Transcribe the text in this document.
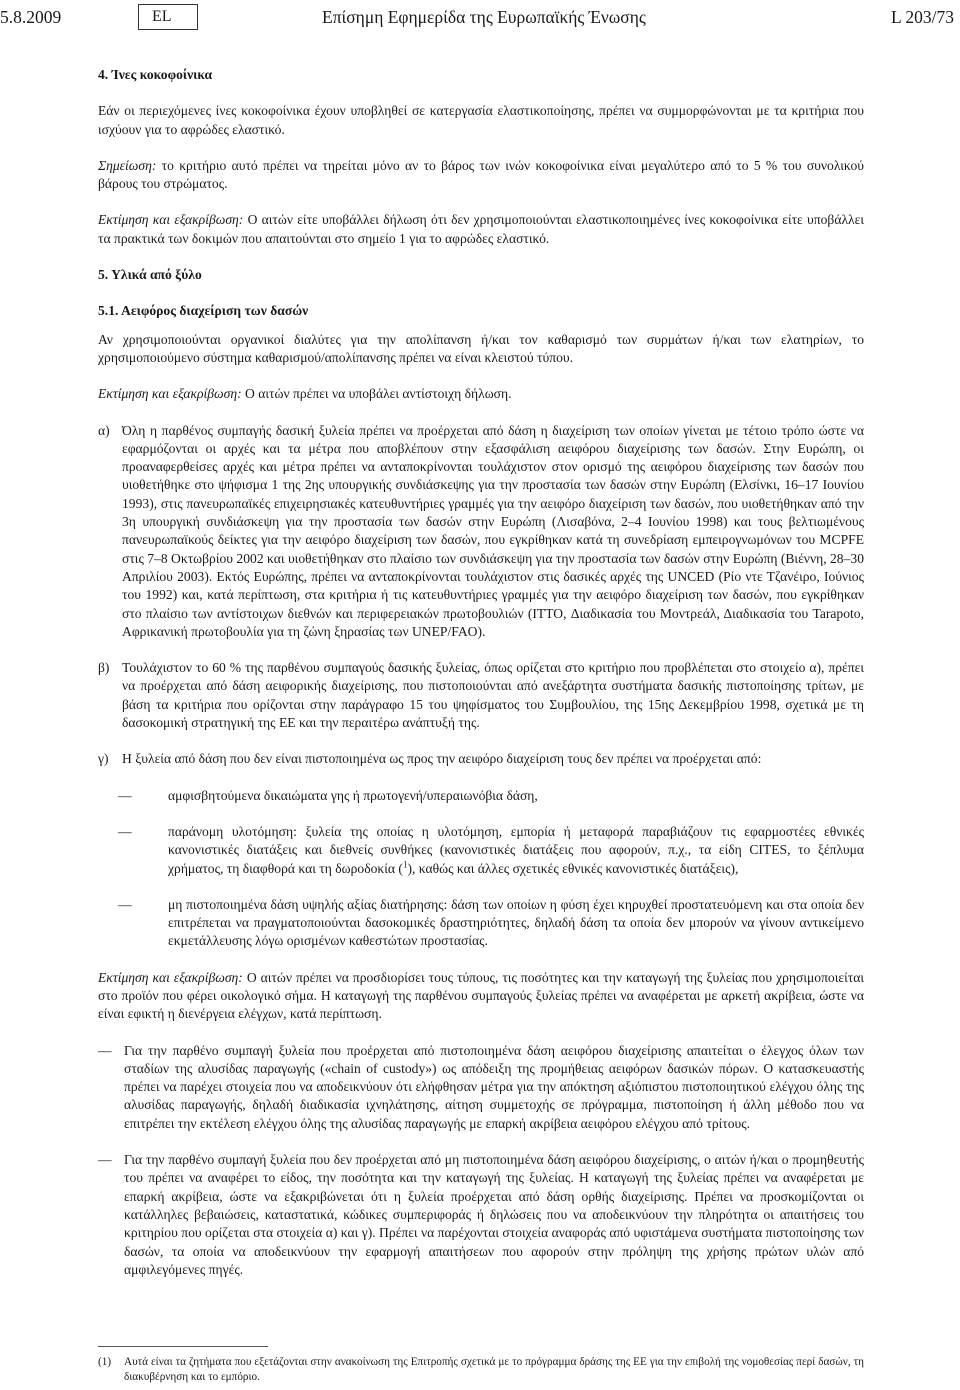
5.8.2009	EL	Επίσημη Εφημερίδα της Ευρωπαϊκής Ένωσης	L 203/73

4. Ίνες κοκοφοίνικα

Εάν οι περιεχόμενες ίνες κοκοφοίνικα έχουν υποβληθεί σε κατεργασία ελαστικοποίησης, πρέπει να συμμορφώνονται με τα κριτήρια που ισχύουν για το αφρώδες ελαστικό.

Σημείωση: το κριτήριο αυτό πρέπει να τηρείται μόνο αν το βάρος των ινών κοκοφοίνικα είναι μεγαλύτερο από το 5 % του συνολικού βάρους του στρώματος.

Εκτίμηση και εξακρίβωση: Ο αιτών είτε υποβάλλει δήλωση ότι δεν χρησιμοποιούνται ελαστικοποιημένες ίνες κοκοφοίνικα είτε υποβάλλει τα πρακτικά των δοκιμών που απαιτούνται στο σημείο 1 για το αφρώδες ελαστικό.

5. Υλικά από ξύλο

5.1. Αειφόρος διαχείριση των δασών

Αν χρησιμοποιούνται οργανικοί διαλύτες για την απολίπανση ή/και τον καθαρισμό των συρμάτων ή/και των ελατηρίων, το χρησιμοποιούμενο σύστημα καθαρισμού/απολίπανσης πρέπει να είναι κλειστού τύπου.

Εκτίμηση και εξακρίβωση: Ο αιτών πρέπει να υποβάλει αντίστοιχη δήλωση.

α) Όλη η παρθένος συμπαγής δασική ξυλεία πρέπει να προέρχεται από δάση η διαχείριση των οποίων γίνεται με τέτοιο τρόπο ώστε να εφαρμόζονται οι αρχές και τα μέτρα που αποβλέπουν στην εξασφάλιση αειφόρου διαχείρισης των δασών. Στην Ευρώπη, οι προαναφερθείσες αρχές και μέτρα πρέπει να ανταποκρίνονται τουλάχιστον στον ορισμό της αειφόρου διαχείρισης των δασών που υιοθετήθηκε στο ψήφισμα 1 της 2ης υπουργικής συνδιάσκεψης για την προστασία των δασών στην Ευρώπη (Ελσίνκι, 16–17 Ιουνίου 1993), στις πανευρωπαϊκές επιχειρησιακές κατευθυντήριες γραμμές για την αειφόρο διαχείριση των δασών, που υιοθετήθηκαν από την 3η υπουργική συνδιάσκεψη για την προστασία των δασών στην Ευρώπη (Λισαβόνα, 2–4 Ιουνίου 1998) και τους βελτιωμένους πανευρωπαϊκούς δείκτες για την αειφόρο διαχείριση των δασών, που εγκρίθηκαν κατά τη συνεδρίαση εμπειρογνωμόνων του MCPFE στις 7–8 Οκτωβρίου 2002 και υιοθετήθηκαν στο πλαίσιο των συνδιάσκεψη για την προστασία των δασών στην Ευρώπη (Βιέννη, 28–30 Απριλίου 2003). Εκτός Ευρώπης, πρέπει να ανταποκρίνονται τουλάχιστον στις δασικές αρχές της UNCED (Ρίο ντε Τζανέιρο, Ιούνιος του 1992) και, κατά περίπτωση, στα κριτήρια ή τις κατευθυντήριες γραμμές για την αειφόρο διαχείριση των δασών, που εγκρίθηκαν στο πλαίσιο των αντίστοιχων διεθνών και περιφερειακών πρωτοβουλιών (ITTO, Διαδικασία του Μοντρεάλ, Διαδικασία του Tarapoto, Αφρικανική πρωτοβουλία για τη ζώνη ξηρασίας των UNEP/FAO).

β) Τουλάχιστον το 60 % της παρθένου συμπαγούς δασικής ξυλείας, όπως ορίζεται στο κριτήριο που προβλέπεται στο στοιχείο α), πρέπει να προέρχεται από δάση αειφορικής διαχείρισης, που πιστοποιούνται από ανεξάρτητα συστήματα δασικής πιστοποίησης τρίτων, με βάση τα κριτήρια που ορίζονται στην παράγραφο 15 του ψηφίσματος του Συμβουλίου, της 15ης Δεκεμβρίου 1998, σχετικά με τη δασοκομική στρατηγική της ΕΕ και την περαιτέρω ανάπτυξή της.

γ) Η ξυλεία από δάση που δεν είναι πιστοποιημένα ως προς την αειφόρο διαχείριση τους δεν πρέπει να προέρχεται από:

—	αμφισβητούμενα δικαιώματα γης ή πρωτογενή/υπεραιωνόβια δάση,

—	παράνομη υλοτόμηση: ξυλεία της οποίας η υλοτόμηση, εμπορία ή μεταφορά παραβιάζουν τις εφαρμοστέες εθνικές κανονιστικές διατάξεις και διεθνείς συνθήκες (κανονιστικές διατάξεις που αφορούν, π.χ., τα είδη CITES, το ξέπλυμα χρήματος, τη διαφθορά και τη δωροδοκία ($^1$), καθώς και άλλες σχετικές εθνικές κανονιστικές διατάξεις),

—	μη πιστοποιημένα δάση υψηλής αξίας διατήρησης: δάση των οποίων η φύση έχει κηρυχθεί προστατευόμενη και στα οποία δεν επιτρέπεται να πραγματοποιούνται δασοκομικές δραστηριότητες, δηλαδή δάση τα οποία δεν μπορούν να γίνουν αντικείμενο εκμετάλλευσης λόγω ορισμένων καθεστώτων προστασίας.

Εκτίμηση και εξακρίβωση: Ο αιτών πρέπει να προσδιορίσει τους τύπους, τις ποσότητες και την καταγωγή της ξυλείας που χρησιμοποιείται στο προϊόν που φέρει οικολογικό σήμα. Η καταγωγή της παρθένου συμπαγούς ξυλείας πρέπει να αναφέρεται με αρκετή ακρίβεια, ώστε να είναι εφικτή η διενέργεια ελέγχων, κατά περίπτωση.

— Για την παρθένο συμπαγή ξυλεία που προέρχεται από πιστοποιημένα δάση αειφόρου διαχείρισης απαιτείται ο έλεγχος όλων των σταδίων της αλυσίδας παραγωγής («chain of custody») ως απόδειξη της προμήθειας αειφόρων δασικών πόρων. Ο κατασκευαστής πρέπει να παρέχει στοιχεία που να αποδεικνύουν ότι ελήφθησαν μέτρα για την απόκτηση αξιόπιστου πιστοποιητικού ελέγχου όλης της αλυσίδας παραγωγής, δηλαδή διαδικασία ιχνηλάτησης, αίτηση συμμετοχής σε πρόγραμμα, πιστοποίηση ή άλλη μέθοδο που να επιτρέπει την εκτέλεση ελέγχου όλης της αλυσίδας παραγωγής με επαρκή ακρίβεια αειφόρου ελέγχου από τρίτους.

— Για την παρθένο συμπαγή ξυλεία που δεν προέρχεται από μη πιστοποιημένα δάση αειφόρου διαχείρισης, ο αιτών ή/και ο προμηθευτής του πρέπει να αναφέρει το είδος, την ποσότητα και την καταγωγή της ξυλείας. Η καταγωγή της ξυλείας πρέπει να αναφέρεται με επαρκή ακρίβεια, ώστε να εξακριβώνεται ότι η ξυλεία προέρχεται από δάση ορθής διαχείρισης. Πρέπει να προσκομίζονται οι κατάλληλες βεβαιώσεις, καταστατικά, κώδικες συμπεριφοράς ή δηλώσεις που να αποδεικνύουν την πληρότητα οι απαιτήσεις του κριτηρίου που ορίζεται στα στοιχεία α) και γ). Πρέπει να παρέχονται στοιχεία αναφοράς από υφιστάμενα συστήματα πιστοποίησης των δασών, τα οποία να αποδεικνύουν την εφαρμογή απαιτήσεων που αφορούν στην πρόληψη της χρήσης πρώτων υλών από αμφιλεγόμενες πηγές.

(1)	Αυτά είναι τα ζητήματα που εξετάζονται στην ανακοίνωση της Επιτροπής σχετικά με το πρόγραμμα δράσης της ΕΕ για την επιβολή της νομοθεσίας περί δασών, τη διακυβέρνηση και το εμπόριο.
